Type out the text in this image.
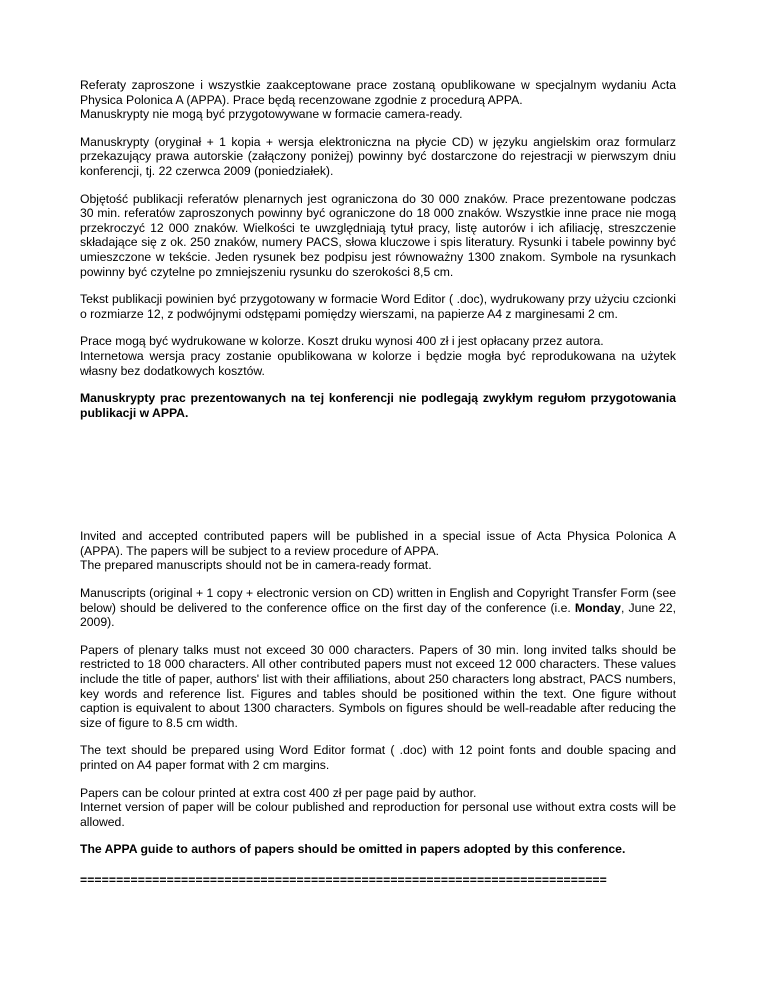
Referaty zaproszone i wszystkie zaakceptowane prace zostaną opublikowane w specjalnym wydaniu Acta Physica Polonica A (APPA). Prace będą recenzowane zgodnie z procedurą APPA.
Manuskrypty nie mogą być przygotowywane w formacie camera-ready.
Manuskrypty (oryginał + 1 kopia + wersja elektroniczna na płycie CD) w języku angielskim oraz formularz przekazujący prawa autorskie (załączony poniżej) powinny być dostarczone do rejestracji w pierwszym dniu konferencji, tj. 22 czerwca 2009 (poniedziałek).
Objętość publikacji referatów plenarnych jest ograniczona do 30 000 znaków. Prace prezentowane podczas 30 min. referatów zaproszonych powinny być ograniczone do 18 000 znaków. Wszystkie inne prace nie mogą przekroczyć 12 000 znaków. Wielkości te uwzględniają tytuł pracy, listę autorów i ich afiliację, streszczenie składające się z ok. 250 znaków, numery PACS, słowa kluczowe i spis literatury. Rysunki i tabele powinny być umieszczone w tekście. Jeden rysunek bez podpisu jest równoważny 1300 znakom. Symbole na rysunkach powinny być czytelne po zmniejszeniu rysunku do szerokości 8,5 cm.
Tekst publikacji powinien być przygotowany w formacie Word Editor ( .doc), wydrukowany przy użyciu czcionki o rozmiarze 12, z podwójnymi odstępami pomiędzy wierszami, na papierze A4 z marginesami 2 cm.
Prace mogą być wydrukowane w kolorze. Koszt druku wynosi 400 zł i jest opłacany przez autora.
Internetowa wersja pracy zostanie opublikowana w kolorze i będzie mogła być reprodukowana na użytek własny bez dodatkowych kosztów.
Manuskrypty prac prezentowanych na tej konferencji nie podlegają zwykłym regułom przygotowania publikacji w APPA.
Invited and accepted contributed papers will be published in a special issue of Acta Physica Polonica A (APPA). The papers will be subject to a review procedure of APPA.
The prepared manuscripts should not be in camera-ready format.
Manuscripts (original + 1 copy + electronic version on CD) written in English and Copyright Transfer Form (see below) should be delivered to the conference office on the first day of the conference (i.e. Monday, June 22, 2009).
Papers of plenary talks must not exceed 30 000 characters. Papers of 30 min. long invited talks should be restricted to 18 000 characters. All other contributed papers must not exceed 12 000 characters. These values include the title of paper, authors' list with their affiliations, about 250 characters long abstract, PACS numbers, key words and reference list. Figures and tables should be positioned within the text. One figure without caption is equivalent to about 1300 characters. Symbols on figures should be well-readable after reducing the size of figure to 8.5 cm width.
The text should be prepared using Word Editor format ( .doc) with 12 point fonts and double spacing and printed on A4 paper format with 2 cm margins.
Papers can be colour printed at extra cost 400 zł per page paid by author.
Internet version of paper will be colour published and reproduction for personal use without extra costs will be allowed.
The APPA guide to authors of papers should be omitted in papers adopted by this conference.
=========================================================================
